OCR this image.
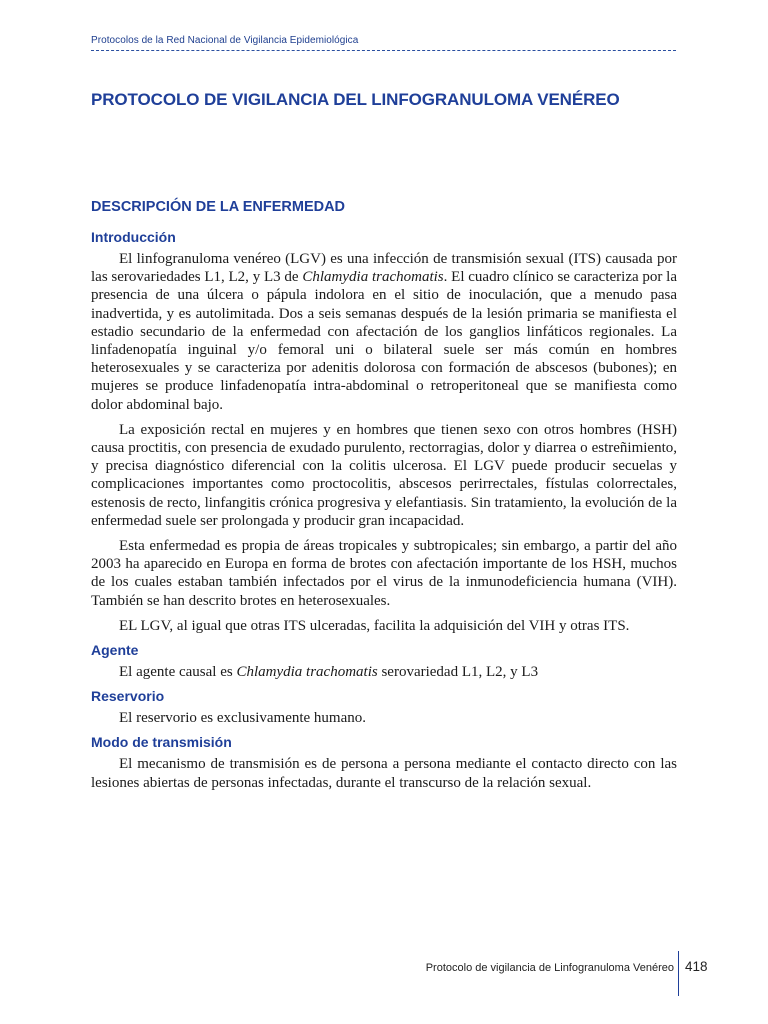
Protocolos de la Red Nacional de Vigilancia Epidemiológica
PROTOCOLO DE VIGILANCIA DEL LINFOGRANULOMA VENÉREO
DESCRIPCIÓN DE LA ENFERMEDAD
Introducción

El linfogranuloma venéreo (LGV) es una infección de transmisión sexual (ITS) causada por las serovariedades L1, L2, y L3 de Chlamydia trachomatis. El cuadro clínico se caracteriza por la presencia de una úlcera o pápula indolora en el sitio de inoculación, que a menudo pasa inadvertida, y es autolimitada. Dos a seis semanas después de la lesión primaria se manifiesta el estadio secundario de la enfermedad con afectación de los ganglios linfáticos regionales. La linfadenopatía inguinal y/o femoral uni o bilateral suele ser más común en hombres heterosexuales y se caracteriza por adenitis dolorosa con formación de abscesos (bubones); en mujeres se produce linfadenopatía intra-abdominal o retroperitoneal que se manifiesta como dolor abdominal bajo.

La exposición rectal en mujeres y en hombres que tienen sexo con otros hombres (HSH) causa proctitis, con presencia de exudado purulento, rectorragias, dolor y diarrea o estreñimiento, y precisa diagnóstico diferencial con la colitis ulcerosa. El LGV puede producir secuelas y complicaciones importantes como proctocolitis, abscesos perirrectales, fístulas colorrectales, estenosis de recto, linfangitis crónica progresiva y elefantiasis. Sin tratamiento, la evolución de la enfermedad suele ser prolongada y producir gran incapacidad.

Esta enfermedad es propia de áreas tropicales y subtropicales; sin embargo, a partir del año 2003 ha aparecido en Europa en forma de brotes con afectación importante de los HSH, muchos de los cuales estaban también infectados por el virus de la inmunodeficiencia humana (VIH). También se han descrito brotes en heterosexuales.

EL LGV, al igual que otras ITS ulceradas, facilita la adquisición del VIH y otras ITS.

Agente

El agente causal es Chlamydia trachomatis serovariedad L1, L2, y L3

Reservorio

El reservorio es exclusivamente humano.

Modo de transmisión

El mecanismo de transmisión es de persona a persona mediante el contacto directo con las lesiones abiertas de personas infectadas, durante el transcurso de la relación sexual.

Protocolo de vigilancia de Linfogranuloma Venéreo 418
